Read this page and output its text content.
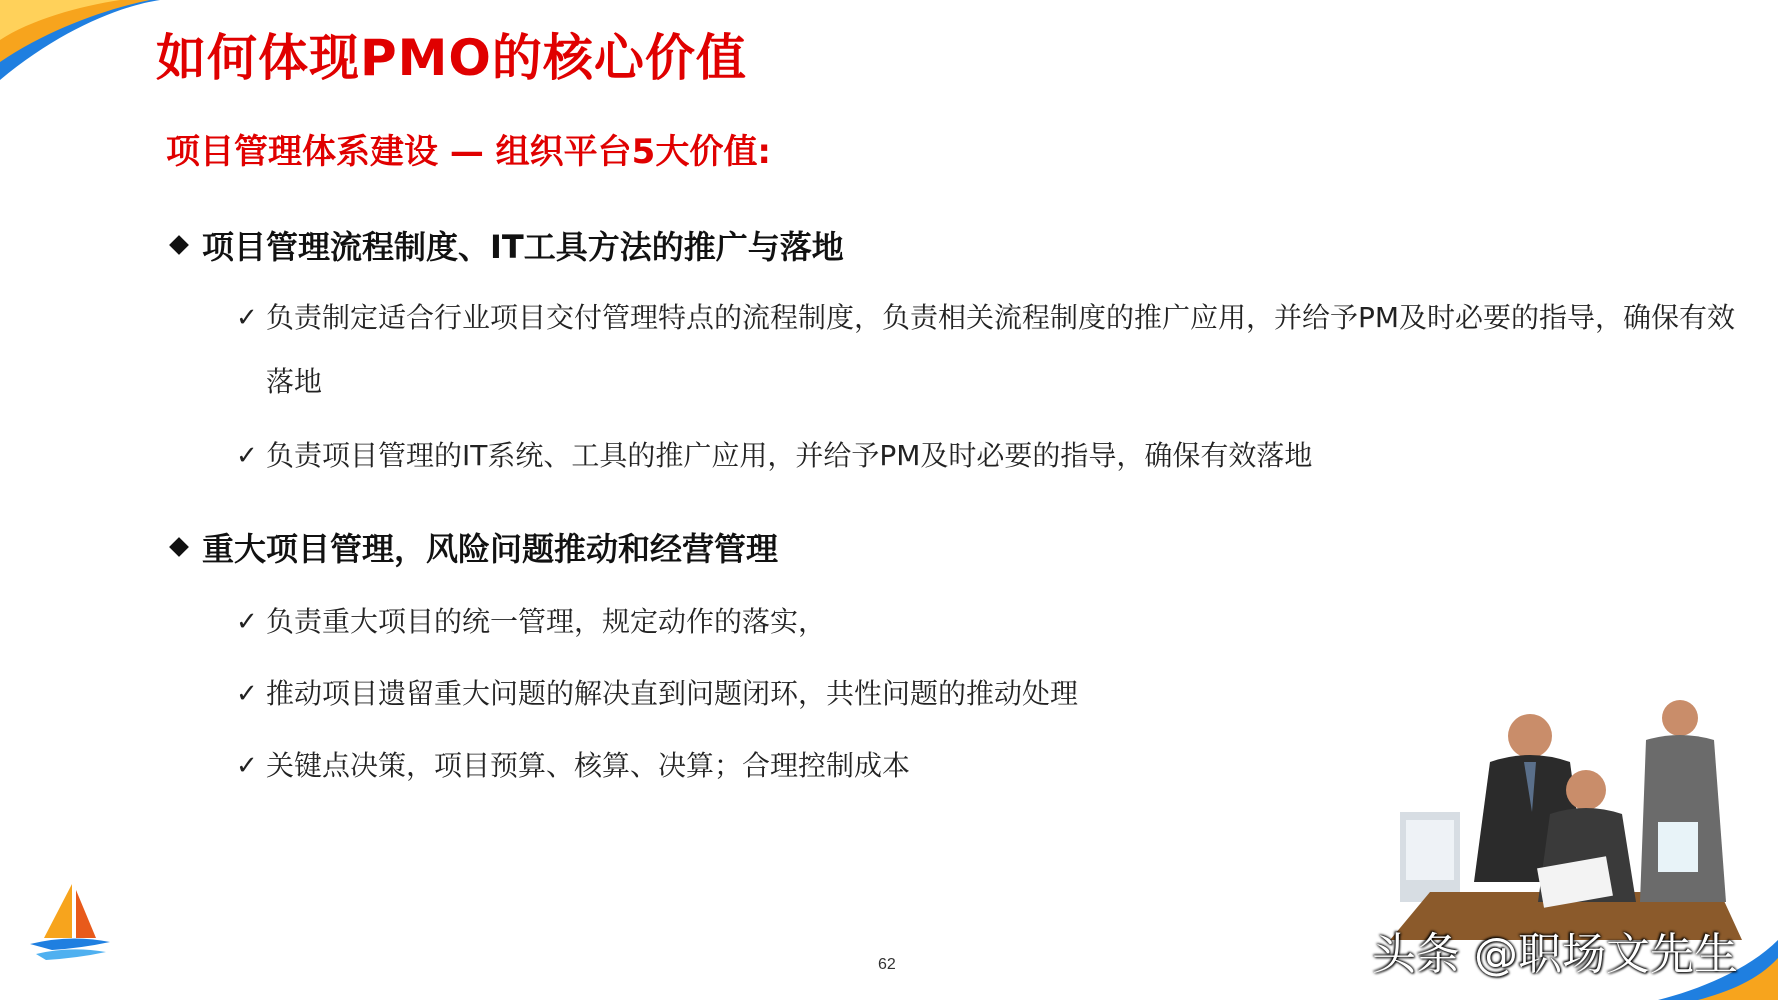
如何体现PMO的核心价值
项目管理体系建设 — 组织平台5大价值:
项目管理流程制度、IT工具方法的推广与落地
✓ 负责制定适合行业项目交付管理特点的流程制度，负责相关流程制度的推广应用，并给予PM及时必要的指导，确保有效落地
✓ 负责项目管理的IT系统、工具的推广应用，并给予PM及时必要的指导，确保有效落地
重大项目管理，风险问题推动和经营管理
✓ 负责重大项目的统一管理，规定动作的落实，
✓ 推动项目遗留重大问题的解决直到问题闭环，共性问题的推动处理
✓ 关键点决策，项目预算、核算、决算；合理控制成本
62	头条 @职场文先生
